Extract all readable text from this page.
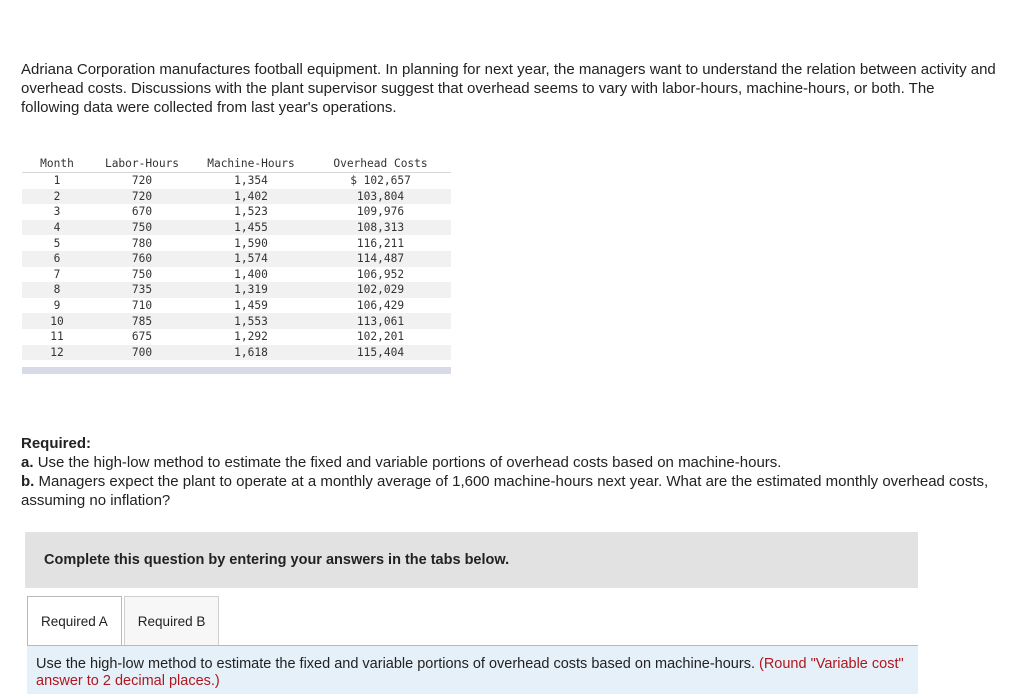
Adriana Corporation manufactures football equipment. In planning for next year, the managers want to understand the relation between activity and overhead costs. Discussions with the plant supervisor suggest that overhead seems to vary with labor-hours, machine-hours, or both. The following data were collected from last year's operations.
Month	Labor-Hours	Machine-Hours	Overhead Costs
1	720	1,354	$ 102,657
2	720	1,402	103,804
3	670	1,523	109,976
4	750	1,455	108,313
5	780	1,590	116,211
6	760	1,574	114,487
7	750	1,400	106,952
8	735	1,319	102,029
9	710	1,459	106,429
10	785	1,553	113,061
11	675	1,292	102,201
12	700	1,618	115,404
Required:
a. Use the high-low method to estimate the fixed and variable portions of overhead costs based on machine-hours.
b. Managers expect the plant to operate at a monthly average of 1,600 machine-hours next year. What are the estimated monthly overhead costs, assuming no inflation?
Complete this question by entering your answers in the tabs below.
Required A Required B
Use the high-low method to estimate the fixed and variable portions of overhead costs based on machine-hours. (Round "Variable cost" answer to 2 decimal places.)
